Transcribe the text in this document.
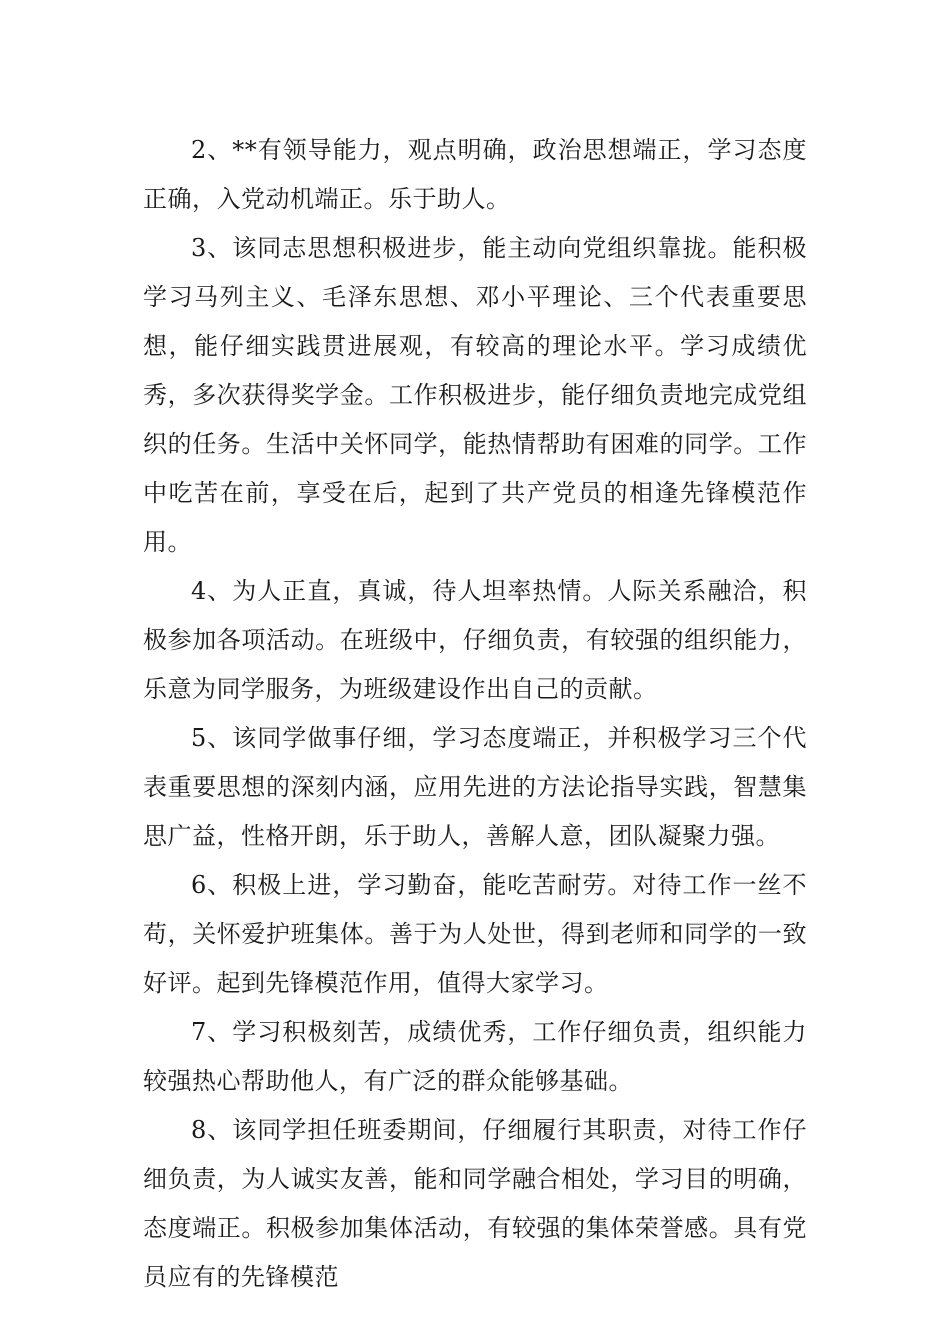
2、**有领导能力，观点明确，政治思想端正，学习态度正确，入党动机端正。乐于助人。

3、该同志思想积极进步，能主动向党组织靠拢。能积极学习马列主义、毛泽东思想、邓小平理论、三个代表重要思想，能仔细实践贯进展观，有较高的理论水平。学习成绩优秀，多次获得奖学金。工作积极进步，能仔细负责地完成党组织的任务。生活中关怀同学，能热情帮助有困难的同学。工作中吃苦在前，享受在后，起到了共产党员的相逢先锋模范作用。

4、为人正直，真诚，待人坦率热情。人际关系融洽，积极参加各项活动。在班级中，仔细负责，有较强的组织能力，乐意为同学服务，为班级建设作出自己的贡献。

5、该同学做事仔细，学习态度端正，并积极学习三个代表重要思想的深刻内涵，应用先进的方法论指导实践，智慧集思广益，性格开朗，乐于助人，善解人意，团队凝聚力强。

6、积极上进，学习勤奋，能吃苦耐劳。对待工作一丝不苟，关怀爱护班集体。善于为人处世，得到老师和同学的一致好评。起到先锋模范作用，值得大家学习。

7、学习积极刻苦，成绩优秀，工作仔细负责，组织能力较强热心帮助他人，有广泛的群众能够基础。

8、该同学担任班委期间，仔细履行其职责，对待工作仔细负责，为人诚实友善，能和同学融合相处，学习目的明确，态度端正。积极参加集体活动，有较强的集体荣誉感。具有党员应有的先锋模范
